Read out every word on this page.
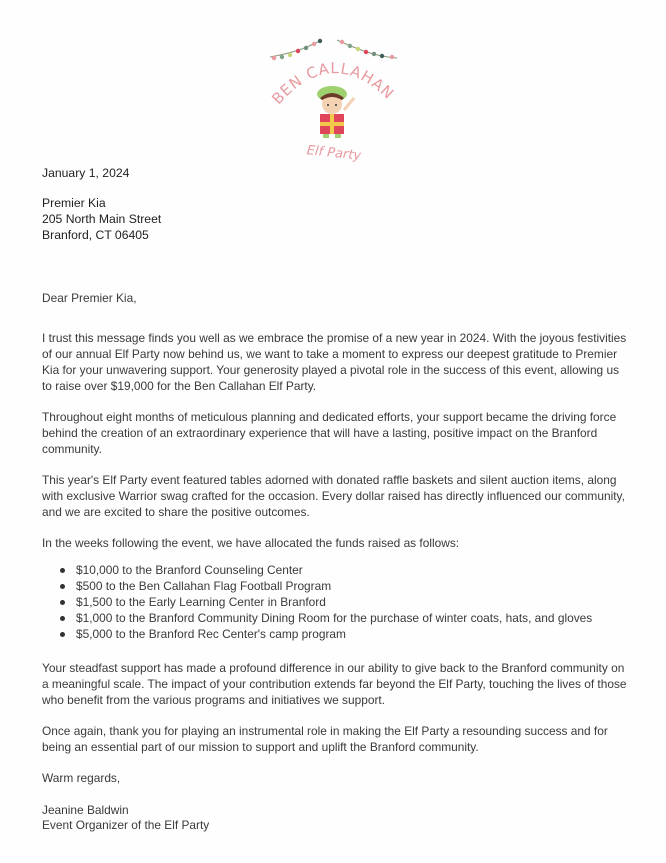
BEN CALLAHAN
Elf Party
January 1, 2024
Premier Kia
205 North Main Street
Branford, CT 06405
Dear Premier Kia,
I trust this message finds you well as we embrace the promise of a new year in 2024. With the joyous festivities of our annual Elf Party now behind us, we want to take a moment to express our deepest gratitude to Premier Kia for your unwavering support. Your generosity played a pivotal role in the success of this event, allowing us to raise over $19,000 for the Ben Callahan Elf Party.
Throughout eight months of meticulous planning and dedicated efforts, your support became the driving force behind the creation of an extraordinary experience that will have a lasting, positive impact on the Branford community.
This year's Elf Party event featured tables adorned with donated raffle baskets and silent auction items, along with exclusive Warrior swag crafted for the occasion. Every dollar raised has directly influenced our community, and we are excited to share the positive outcomes.
In the weeks following the event, we have allocated the funds raised as follows:
$10,000 to the Branford Counseling Center
$500 to the Ben Callahan Flag Football Program
$1,500 to the Early Learning Center in Branford
$1,000 to the Branford Community Dining Room for the purchase of winter coats, hats, and gloves
$5,000 to the Branford Rec Center's camp program
Your steadfast support has made a profound difference in our ability to give back to the Branford community on a meaningful scale. The impact of your contribution extends far beyond the Elf Party, touching the lives of those who benefit from the various programs and initiatives we support.
Once again, thank you for playing an instrumental role in making the Elf Party a resounding success and for being an essential part of our mission to support and uplift the Branford community.
Warm regards,
Jeanine Baldwin
Event Organizer of the Elf Party
